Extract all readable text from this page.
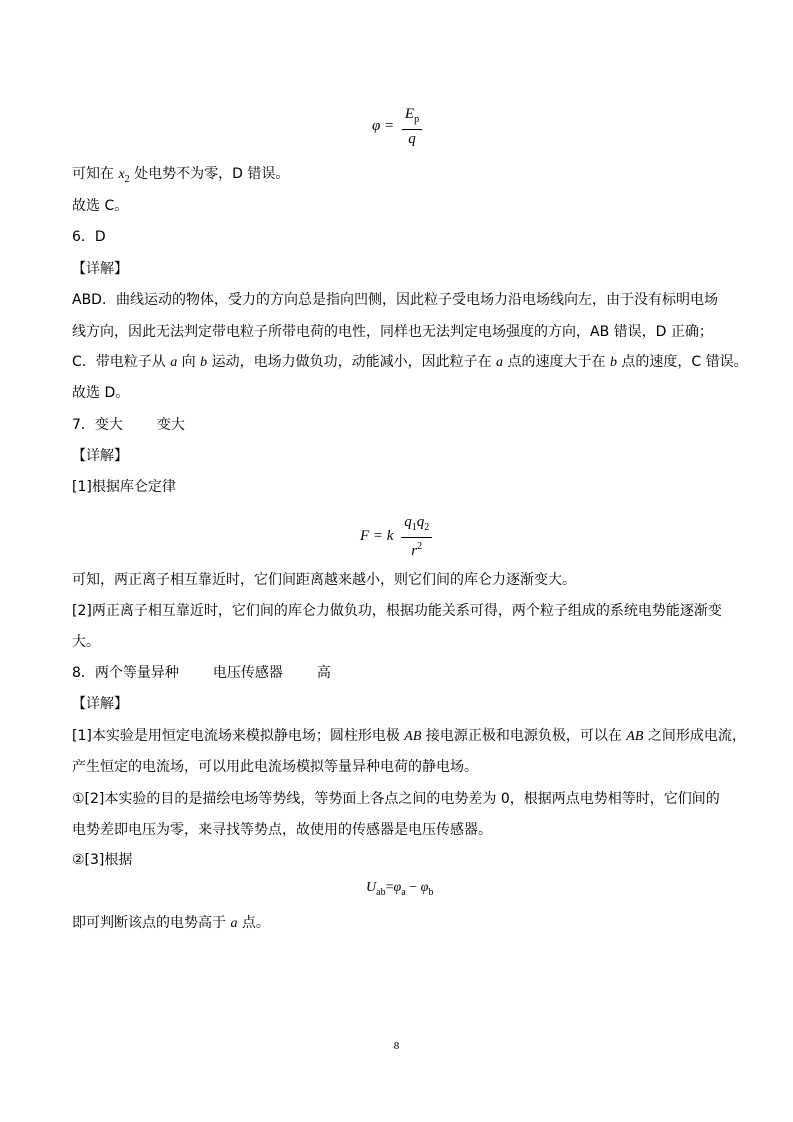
$\varphi = \frac{E_p}{q}$
可知在 $x_2$ 处电势不为零，D 错误。
故选 C。
6．D
【详解】
ABD．曲线运动的物体，受力的方向总是指向凹侧，因此粒子受电场力沿电场线向左，由于没有标明电场
线方向，因此无法判定带电粒子所带电荷的电性，同样也无法判定电场强度的方向，AB 错误，D 正确；
C．带电粒子从 a 向 b 运动，电场力做负功，动能减小，因此粒子在 a 点的速度大于在 b 点的速度，C 错误。
故选 D。
7．变大 变大
【详解】
[1]根据库仑定律
F = k $\frac{q_1q_2}{r^2}$
可知，两正离子相互靠近时，它们间距离越来越小，则它们间的库仑力逐渐变大。
[2]两正离子相互靠近时，它们间的库仑力做负功，根据功能关系可得，两个粒子组成的系统电势能逐渐变
大。
8．两个等量异种 电压传感器 高
【详解】
[1]本实验是用恒定电流场来模拟静电场；圆柱形电极 AB 接电源正极和电源负极，可以在 AB 之间形成电流，
产生恒定的电流场，可以用此电流场模拟等量异种电荷的静电场。
①[2]本实验的目的是描绘电场等势线，等势面上各点之间的电势差为 0，根据两点电势相等时，它们间的
电势差即电压为零，来寻找等势点，故使用的传感器是电压传感器。
②[3]根据
$U_{ab}=\varphi_a - \varphi_b$
即可判断该点的电势高于 a 点。
8
